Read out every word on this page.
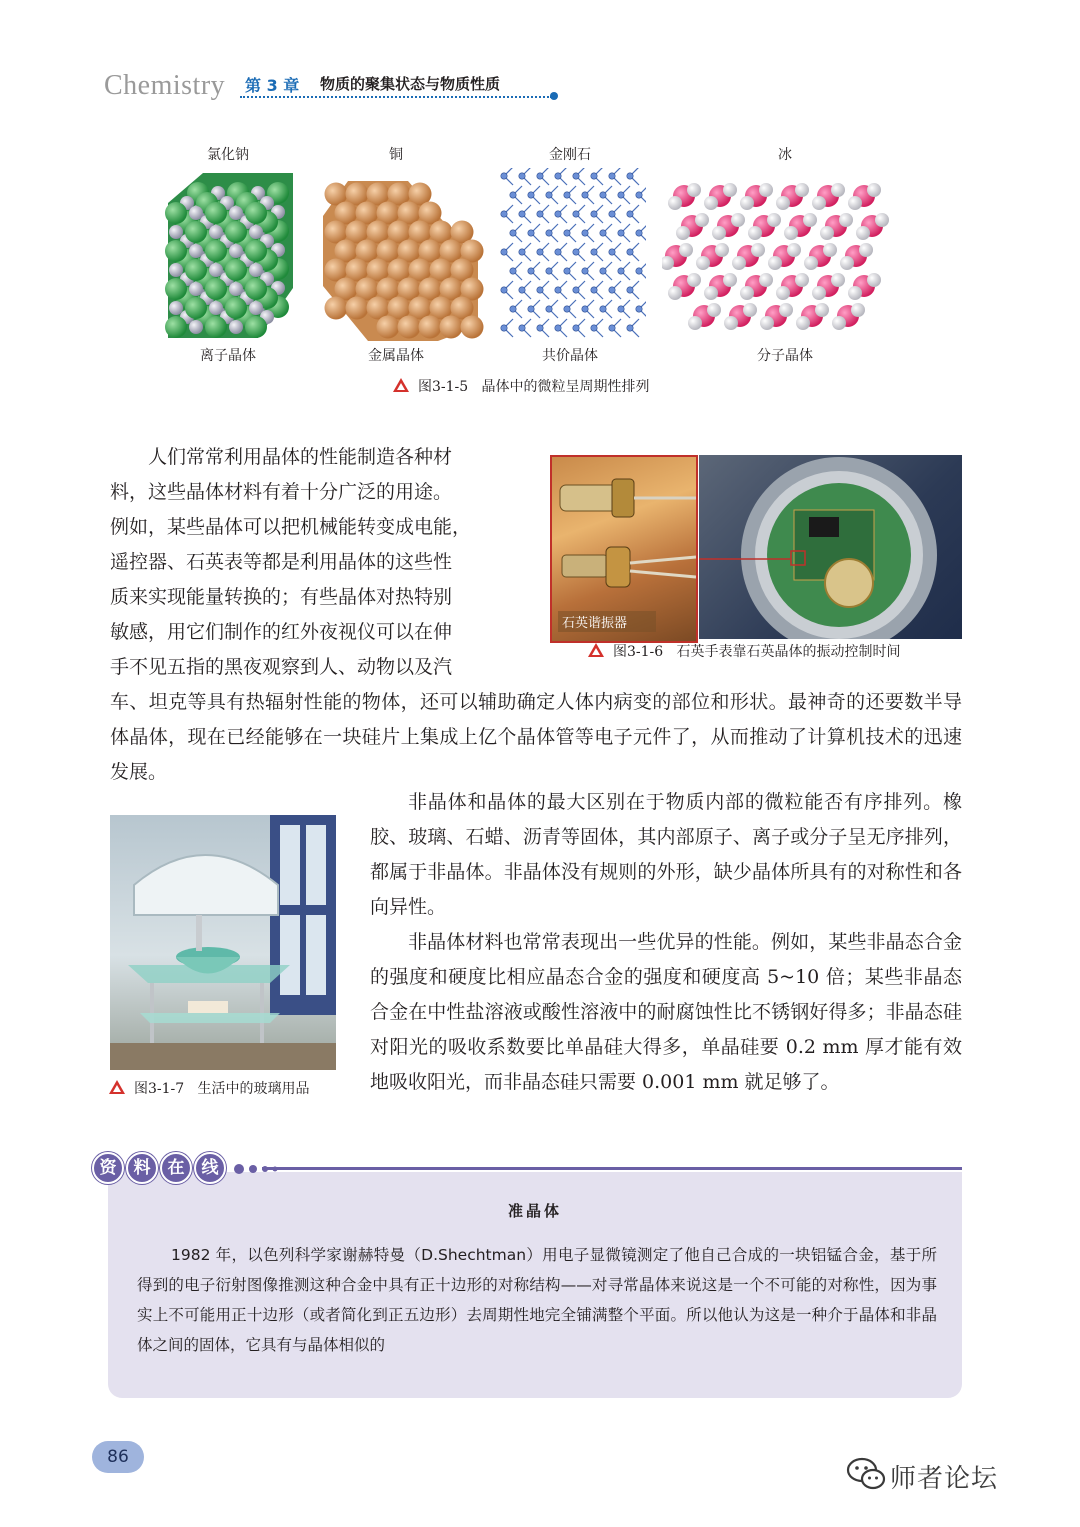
Chemistry 第 3 章 物质的聚集状态与物质性质
氯化钠	铜	金刚石	冰
离子晶体	金属晶体	共价晶体	分子晶体
图3-1-5 晶体中的微粒呈周期性排列

人们常常利用晶体的性能制造各种材

料，这些晶体材料有着十分广泛的用途。

例如，某些晶体可以把机械能转变成电能，

遥控器、石英表等都是利用晶体的这些性

质来实现能量转换的；有些晶体对热特别

敏感，用它们制作的红外夜视仪可以在伸

手不见五指的黑夜观察到人、动物以及汽

车、坦克等具有热辐射性能的物体，还可以辅助确定人体内病变的部位和形状。最神奇的还要数半导体晶体，现在已经能够在一块硅片上集成上亿个晶体管等电子元件了，从而推动了计算机技术的迅速发展。
石英谐振器
图3-1-6 石英手表靠石英晶体的振动控制时间
图3-1-7 生活中的玻璃用品

非晶体和晶体的最大区别在于物质内部的微粒能否有序排列。橡胶、玻璃、石蜡、沥青等固体，其内部原子、离子或分子呈无序排列，都属于非晶体。非晶体没有规则的外形，缺少晶体所具有的对称性和各向异性。

非晶体材料也常常表现出一些优异的性能。例如，某些非晶态合金的强度和硬度比相应晶态合金的强度和硬度高 5~10 倍；某些非晶态合金在中性盐溶液或酸性溶液中的耐腐蚀性比不锈钢好得多；非晶态硅对阳光的吸收系数要比单晶硅大得多，单晶硅要 0.2 mm 厚才能有效地吸收阳光，而非晶态硅只需要 0.001 mm 就足够了。

资 料 在 线
准晶体

1982 年，以色列科学家谢赫特曼（D.Shechtman）用电子显微镜测定了他自己合成的一块铝锰合金，基于所得到的电子衍射图像推测这种合金中具有正十边形的对称结构——对寻常晶体来说这是一个不可能的对称性，因为事实上不可能用正十边形（或者简化到正五边形）去周期性地完全铺满整个平面。所以他认为这是一种介于晶体和非晶体之间的固体，它具有与晶体相似的

86
师者论坛
